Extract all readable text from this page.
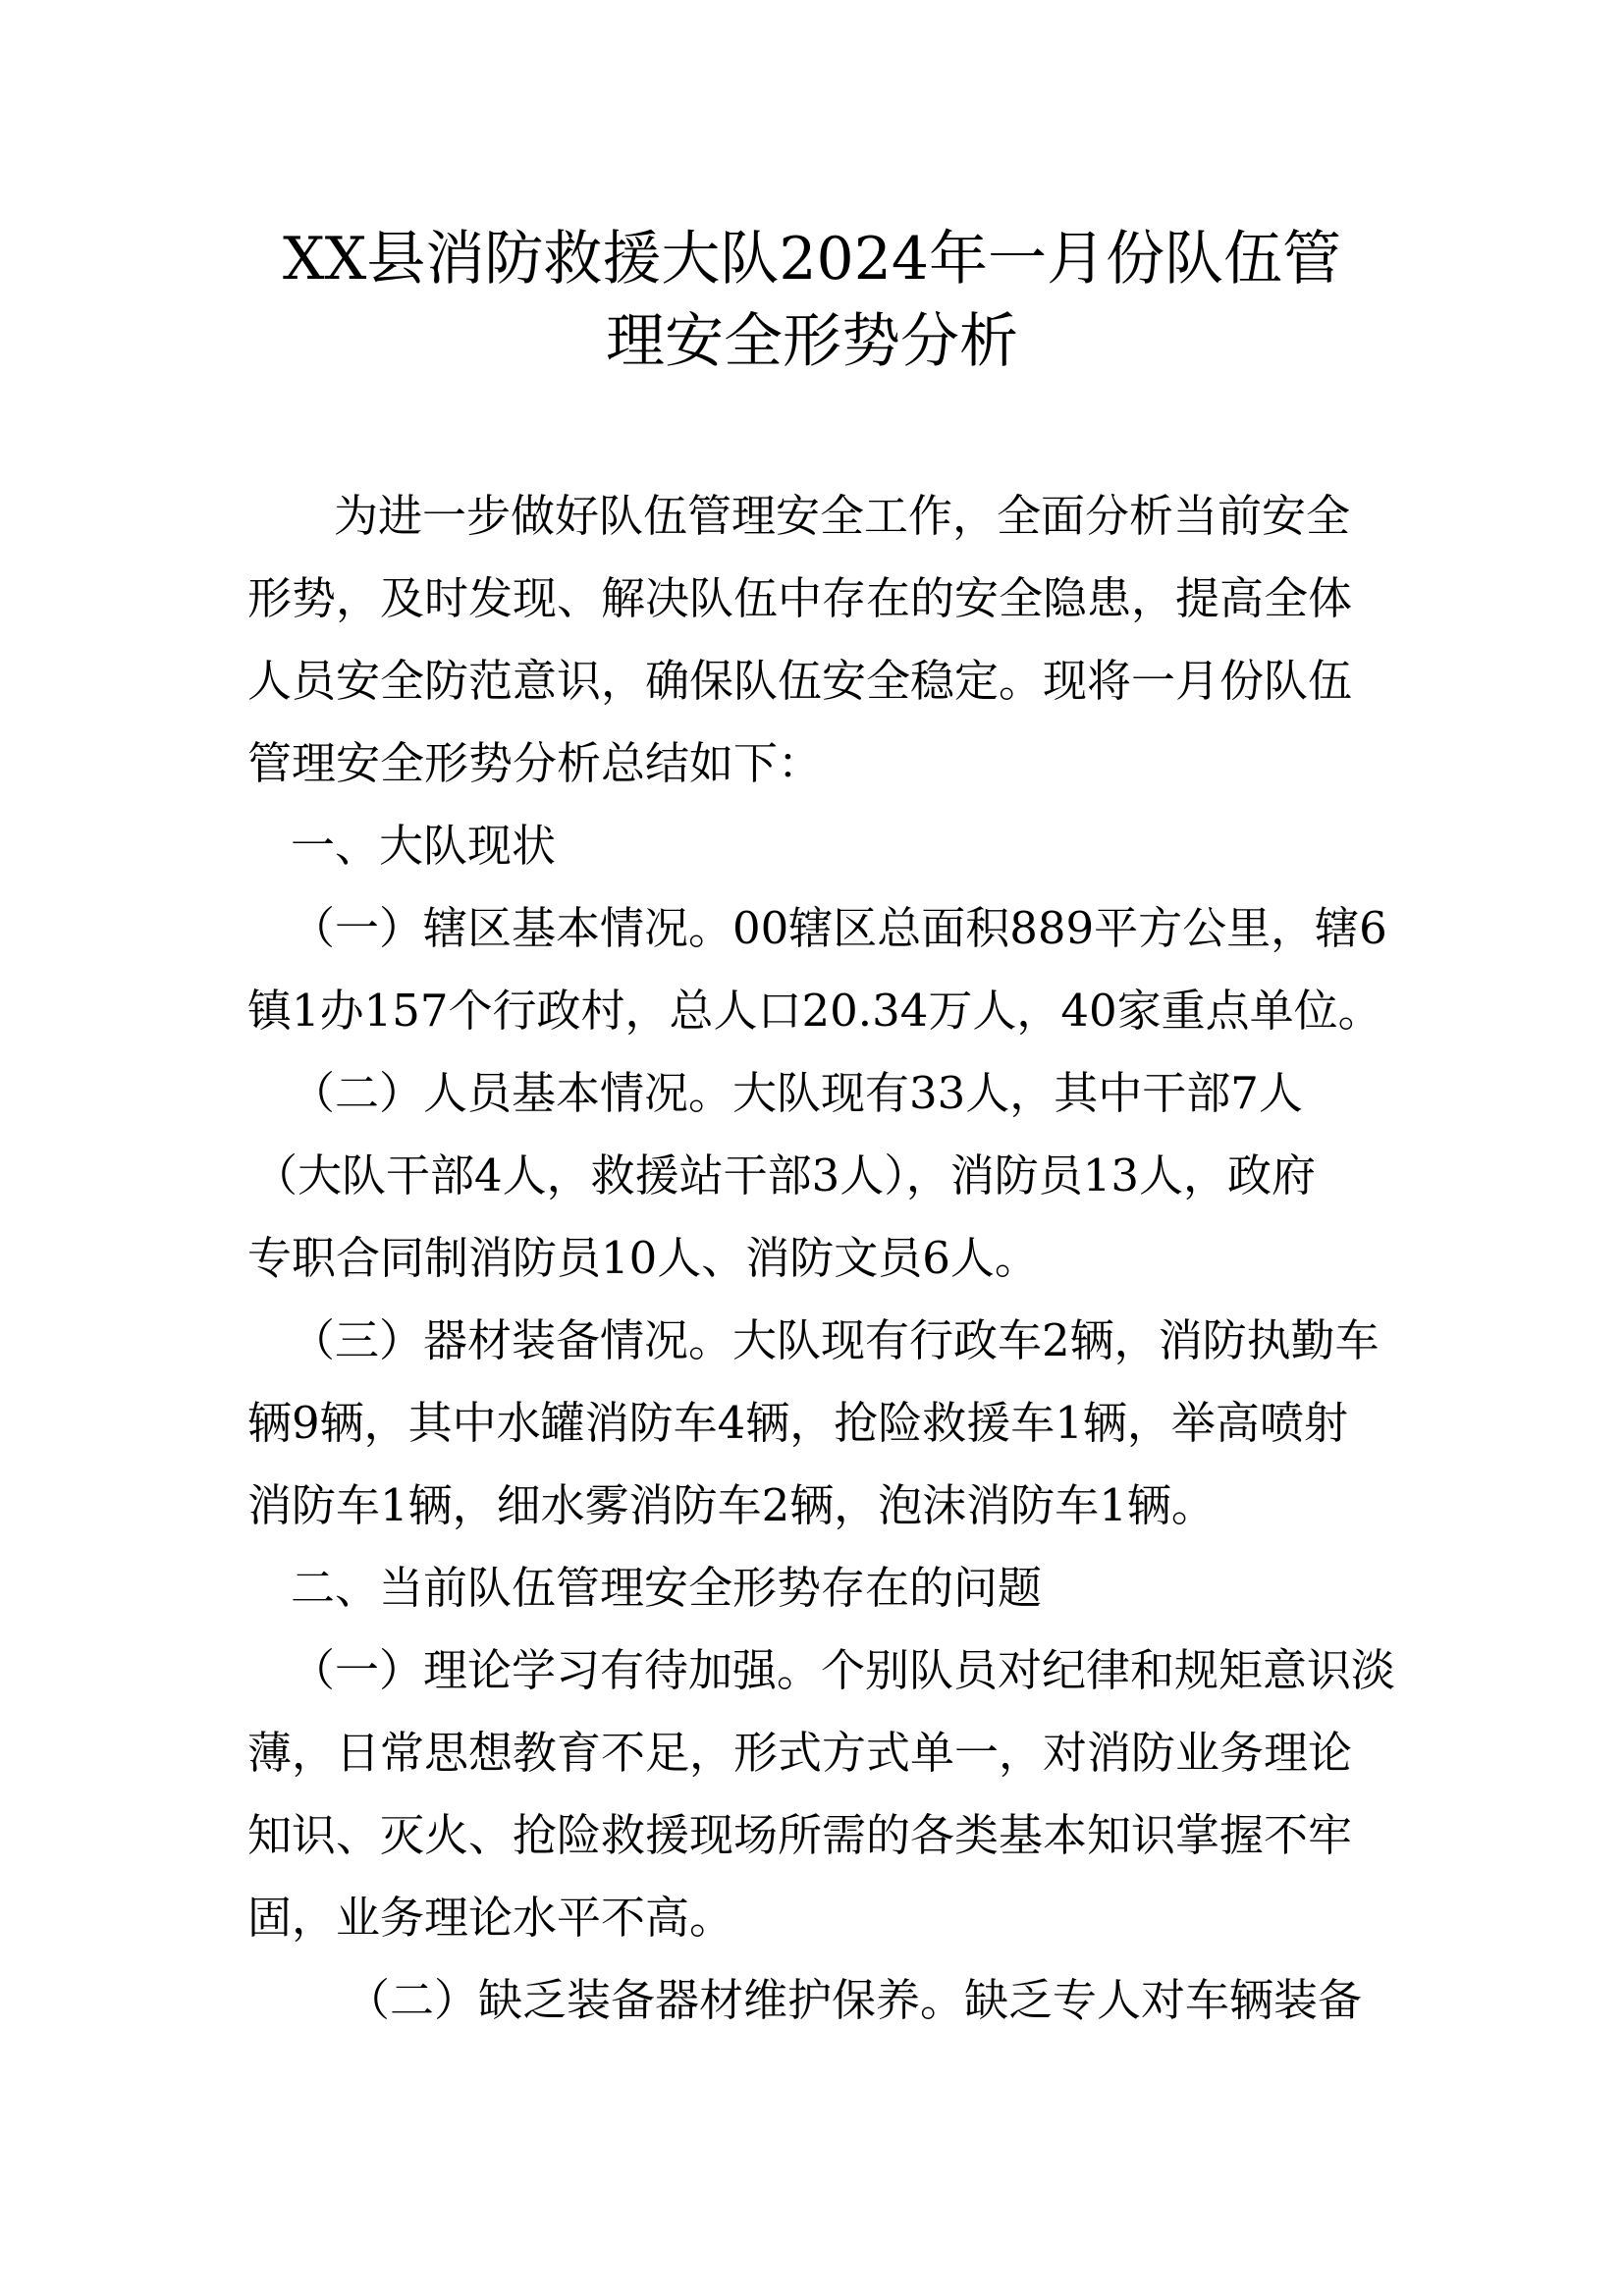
XX县消防救援大队2024年一月份队伍管
理安全形势分析

为进一步做好队伍管理安全工作，全面分析当前安全

形势，及时发现、解决队伍中存在的安全隐患，提高全体

人员安全防范意识，确保队伍安全稳定。现将一月份队伍

管理安全形势分析总结如下：

一、大队现状

（一）辖区基本情况。00辖区总面积889平方公里，辖6

镇1办157个行政村，总人口20.34万人，40家重点单位。

（二）人员基本情况。大队现有33人，其中干部7人

（大队干部4人，救援站干部3人），消防员13人，政府

专职合同制消防员10人、消防文员6人。

（三）器材装备情况。大队现有行政车2辆，消防执勤车

辆9辆，其中水罐消防车4辆，抢险救援车1辆，举高喷射

消防车1辆，细水雾消防车2辆，泡沫消防车1辆。

二、当前队伍管理安全形势存在的问题

（一）理论学习有待加强。个别队员对纪律和规矩意识淡

薄，日常思想教育不足，形式方式单一，对消防业务理论

知识、灭火、抢险救援现场所需的各类基本知识掌握不牢

固，业务理论水平不高。

（二）缺乏装备器材维护保养。缺乏专人对车辆装备
